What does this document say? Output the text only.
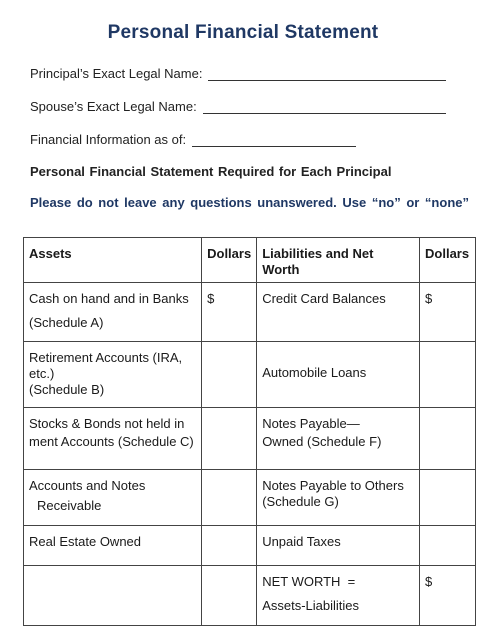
Personal Financial Statement
Principal’s Exact Legal Name:
Spouse’s Exact Legal Name:
Financial Information as of:
Personal Financial Statement Required for Each Principal
Please do not leave any questions unanswered. Use “no” or “none”
Assets	Dollars	Liabilities and Net Worth	Dollars

Cash on hand and in Banks
(Schedule A)	$	Credit Card Balances	$

Retirement Accounts (IRA,
etc.)
(Schedule B)		Automobile Loans	

Stocks & Bonds not held in
ment Accounts (Schedule C)		Notes Payable—
Owned (Schedule F)	

Accounts and Notes
Receivable		Notes Payable to Others
(Schedule G)	

Real Estate Owned		Unpaid Taxes	

		NET WORTH  =
Assets-Liabilities	$
